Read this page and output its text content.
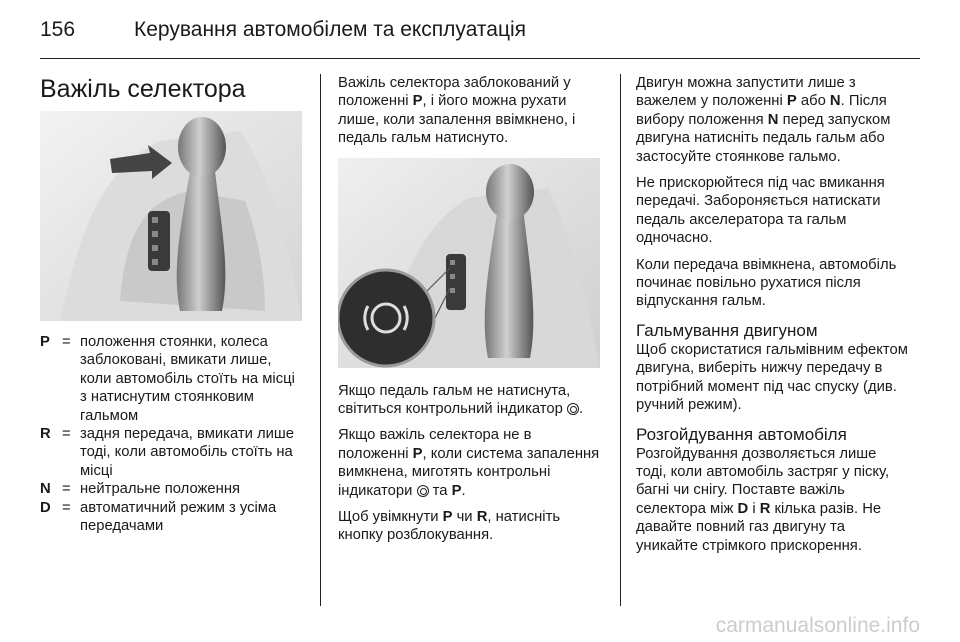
156	Керування автомобілем та експлуатація
Важіль селектора
P = положення стоянки, колеса заблоковані, вмикати лише, коли автомобіль стоїть на місці з натиснутим стоянковим гальмом
R = задня передача, вмикати лише тоді, коли автомобіль стоїть на місці
N = нейтральне положення
D = автоматичний режим з усіма передачами

Важіль селектора заблокований у положенні P, і його можна рухати лише, коли запалення ввімкнено, і педаль гальм натиснуто.

Якщо педаль гальм не натиснута, світиться контрольний індикатор .

Якщо важіль селектора не в положенні P, коли система запалення вимкнена, миготять контрольні індикатори  та P.

Щоб увімкнути P чи R, натисніть кнопку розблокування.

Двигун можна запустити лише з важелем у положенні P або N. Після вибору положення N перед запуском двигуна натисніть педаль гальм або застосуйте стоянкове гальмо.

Не прискорюйтеся під час вмикання передачі. Забороняється натискати педаль акселератора та гальм одночасно.

Коли передача ввімкнена, автомобіль починає повільно рухатися після відпускання гальм.

Гальмування двигуном

Щоб скористатися гальмівним ефектом двигуна, виберіть нижчу передачу в потрібний момент під час спуску (див. ручний режим).

Розгойдування автомобіля

Розгойдування дозволяється лише тоді, коли автомобіль застряг у піску, багні чи снігу. Поставте важіль селектора між D і R кілька разів. Не давайте повний газ двигуну та уникайте стрімкого прискорення.

carmanualsonline.info
